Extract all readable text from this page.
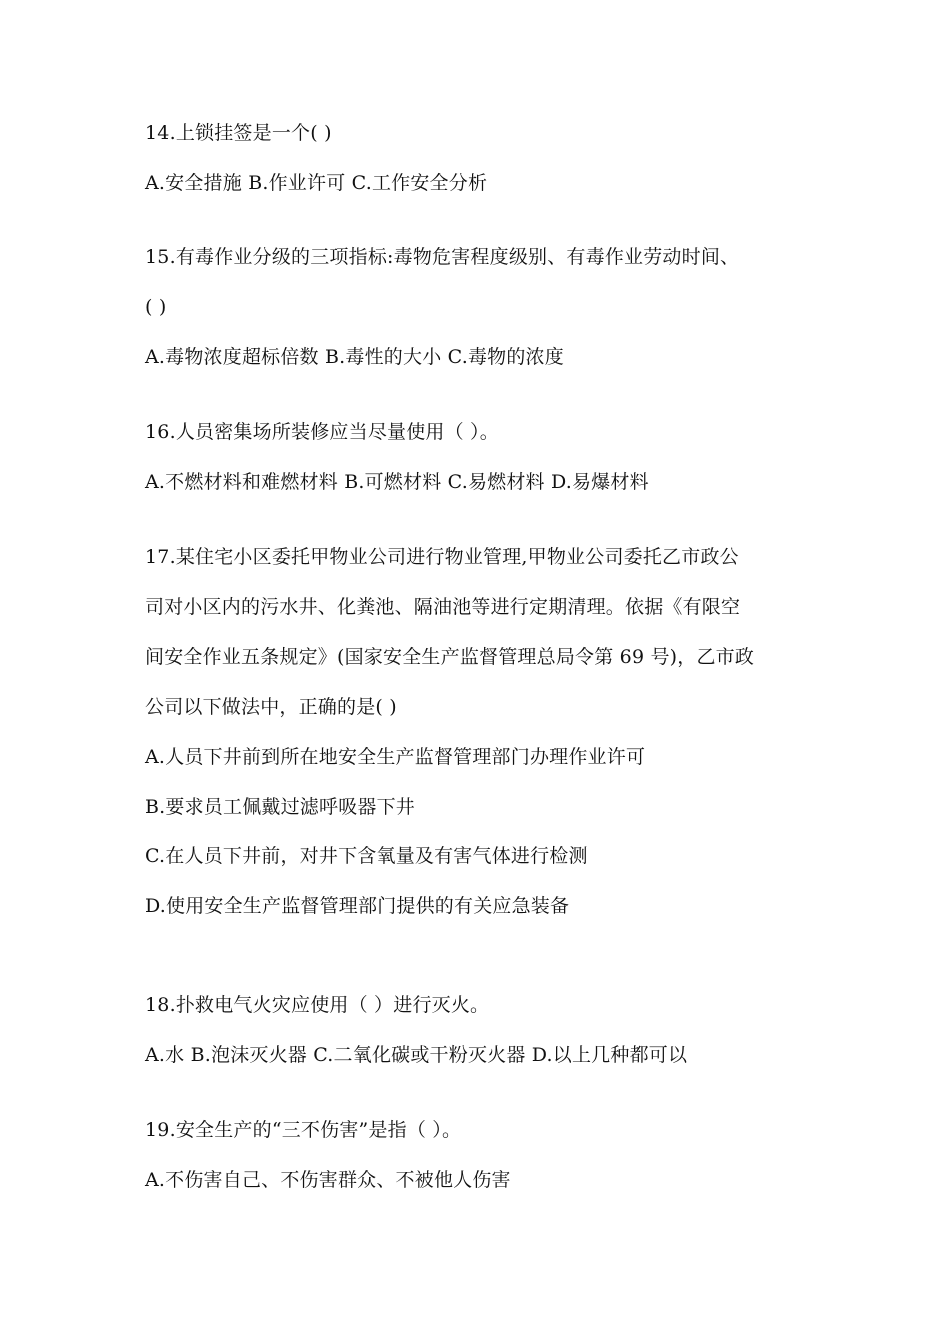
14.上锁挂签是一个( )
A.安全措施 B.作业许可 C.工作安全分析
15.有毒作业分级的三项指标:毒物危害程度级别、有毒作业劳动时间、
( )
A.毒物浓度超标倍数 B.毒性的大小 C.毒物的浓度
16.人员密集场所装修应当尽量使用（ ）。
A.不燃材料和难燃材料 B.可燃材料 C.易燃材料 D.易爆材料
17.某住宅小区委托甲物业公司进行物业管理,甲物业公司委托乙市政公
司对小区内的污水井、化粪池、隔油池等进行定期清理。依据《有限空
间安全作业五条规定》(国家安全生产监督管理总局令第 69 号)，乙市政
公司以下做法中，正确的是( )
A.人员下井前到所在地安全生产监督管理部门办理作业许可
B.要求员工佩戴过滤呼吸器下井
C.在人员下井前，对井下含氧量及有害气体进行检测
D.使用安全生产监督管理部门提供的有关应急装备
18.扑救电气火灾应使用（ ）进行灭火。
A.水 B.泡沫灭火器 C.二氧化碳或干粉灭火器 D.以上几种都可以
19.安全生产的“三不伤害”是指（ ）。
A.不伤害自己、不伤害群众、不被他人伤害
